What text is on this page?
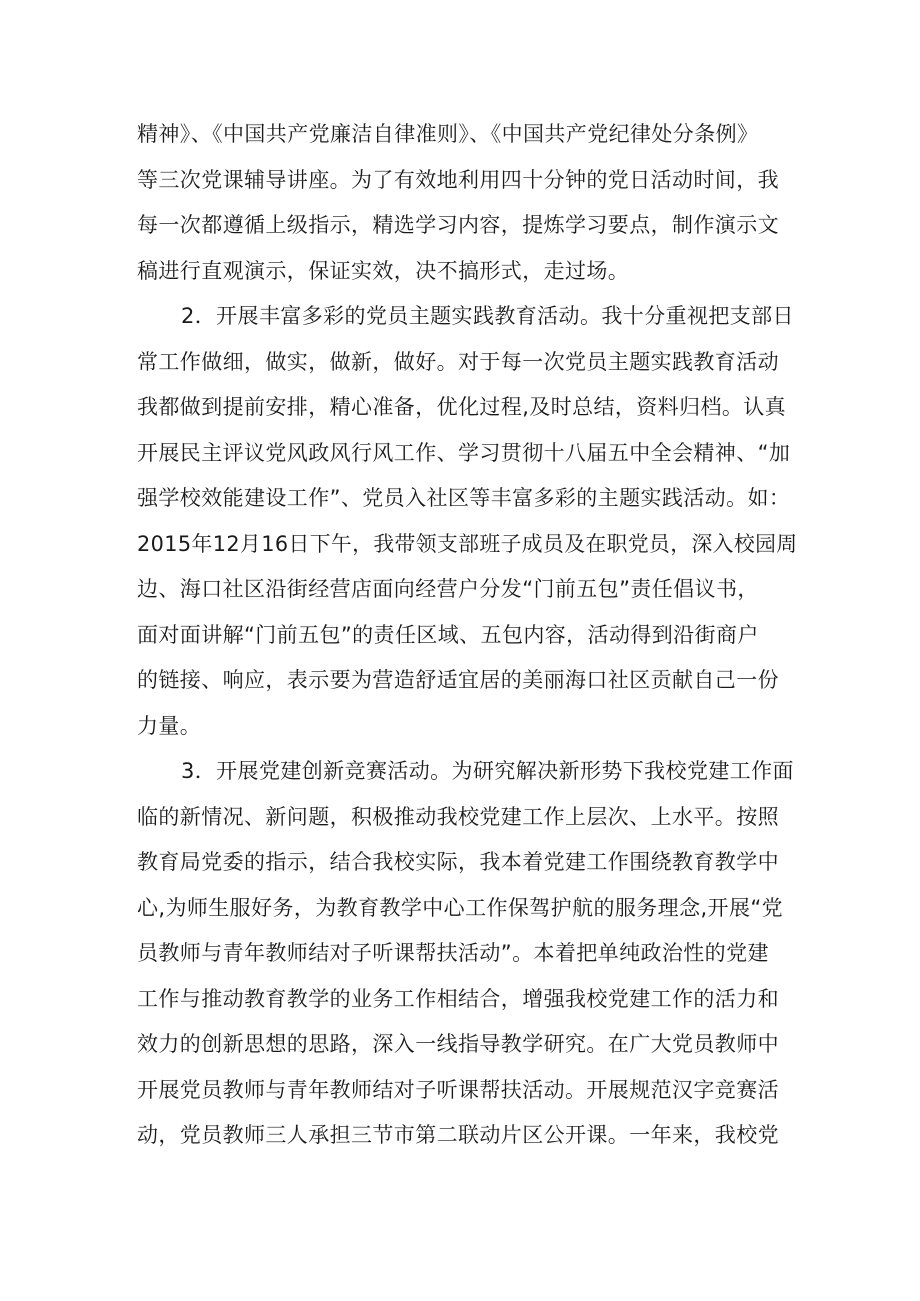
精神》、《中国共产党廉洁自律准则》、《中国共产党纪律处分条例》
等三次党课辅导讲座。为了有效地利用四十分钟的党日活动时间，我
每一次都遵循上级指示，精选学习内容，提炼学习要点，制作演示文
稿进行直观演示，保证实效，决不搞形式，走过场。
2．开展丰富多彩的党员主题实践教育活动。我十分重视把支部日
常工作做细，做实，做新，做好。对于每一次党员主题实践教育活动
我都做到提前安排，精心准备，优化过程,及时总结，资料归档。认真
开展民主评议党风政风行风工作、学习贯彻十八届五中全会精神、“加
强学校效能建设工作”、党员入社区等丰富多彩的主题实践活动。如：
2015年12月16日下午，我带领支部班子成员及在职党员，深入校园周
边、海口社区沿街经营店面向经营户分发“门前五包”责任倡议书，
面对面讲解“门前五包”的责任区域、五包内容，活动得到沿街商户
的链接、响应，表示要为营造舒适宜居的美丽海口社区贡献自己一份
力量。
3．开展党建创新竞赛活动。为研究解决新形势下我校党建工作面
临的新情况、新问题，积极推动我校党建工作上层次、上水平。按照
教育局党委的指示，结合我校实际，我本着党建工作围绕教育教学中
心,为师生服好务，为教育教学中心工作保驾护航的服务理念,开展“党
员教师与青年教师结对子听课帮扶活动”。本着把单纯政治性的党建
工作与推动教育教学的业务工作相结合，增强我校党建工作的活力和
效力的创新思想的思路，深入一线指导教学研究。在广大党员教师中
开展党员教师与青年教师结对子听课帮扶活动。开展规范汉字竞赛活
动，党员教师三人承担三节市第二联动片区公开课。一年来，我校党
